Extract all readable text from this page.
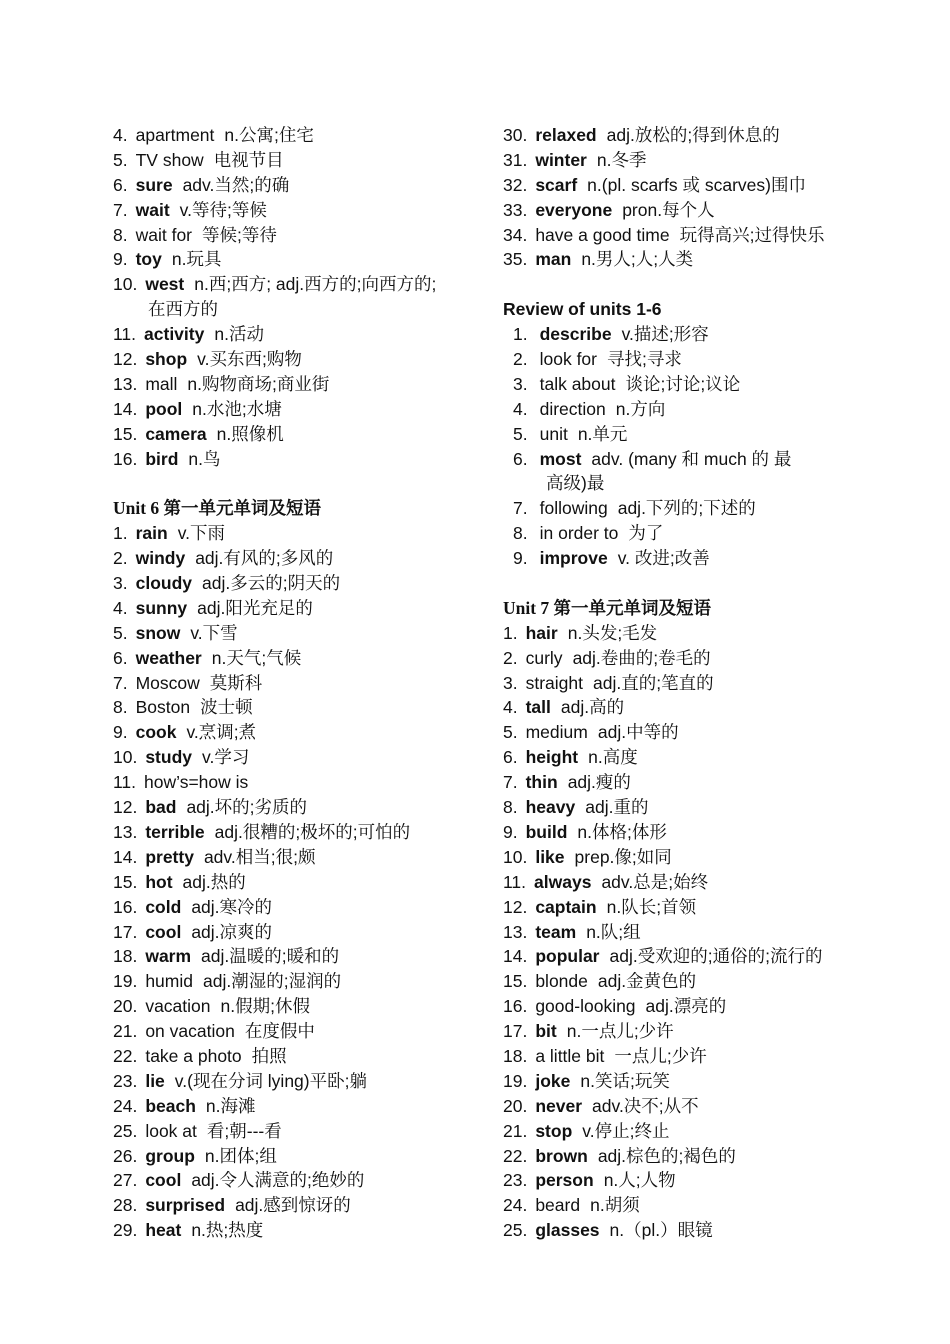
4. apartment n.公寓;住宅
5. TV show 电视节目
6. sure adv.当然;的确
7. wait v.等待;等候
8. wait for 等候;等待
9. toy n.玩具
10. west n.西;西方; adj.西方的;向西方的;
在西方的
11. activity n.活动
12. shop v.买东西;购物
13. mall n.购物商场;商业街
14. pool n.水池;水塘
15. camera n.照像机
16. bird n.鸟
Unit 6 第一单元单词及短语
1. rain v.下雨
2. windy adj.有风的;多风的
3. cloudy adj.多云的;阴天的
4. sunny adj.阳光充足的
5. snow v.下雪
6. weather n.天气;气候
7. Moscow 莫斯科
8. Boston 波士顿
9. cook v.烹调;煮
10. study v.学习
11. how’s=how is
12. bad adj.坏的;劣质的
13. terrible adj.很糟的;极坏的;可怕的
14. pretty adv.相当;很;颇
15. hot adj.热的
16. cold adj.寒冷的
17. cool adj.凉爽的
18. warm adj.温暖的;暖和的
19. humid adj.潮湿的;湿润的
20. vacation n.假期;休假
21. on vacation 在度假中
22. take a photo 拍照
23. lie v.(现在分词 lying)平卧;躺
24. beach n.海滩
25. look at 看;朝---看
26. group n.团体;组
27. cool adj.令人满意的;绝妙的
28. surprised adj.感到惊讶的
29. heat n.热;热度
30. relaxed adj.放松的;得到休息的
31. winter n.冬季
32. scarf n.(pl. scarfs 或 scarves)围巾
33. everyone pron.每个人
34. have a good time 玩得高兴;过得快乐
35. man n.男人;人;人类
Review of units 1-6
1. describe v.描述;形容
2. look for 寻找;寻求
3. talk about 谈论;讨论;议论
4. direction n.方向
5. unit n.单元
6. most adv. (many 和 much 的 最
高级)最
7. following adj.下列的;下述的
8. in order to 为了
9. improve v. 改进;改善
Unit 7 第一单元单词及短语
1. hair n.头发;毛发
2. curly adj.卷曲的;卷毛的
3. straight adj.直的;笔直的
4. tall adj.高的
5. medium adj.中等的
6. height n.高度
7. thin adj.瘦的
8. heavy adj.重的
9. build n.体格;体形
10. like prep.像;如同
11. always adv.总是;始终
12. captain n.队长;首领
13. team n.队;组
14. popular adj.受欢迎的;通俗的;流行的
15. blonde adj.金黄色的
16. good-looking adj.漂亮的
17. bit n.一点儿;少许
18. a little bit 一点儿;少许
19. joke n.笑话;玩笑
20. never adv.决不;从不
21. stop v.停止;终止
22. brown adj.棕色的;褐色的
23. person n.人;人物
24. beard n.胡须
25. glasses n.（pl.）眼镜
